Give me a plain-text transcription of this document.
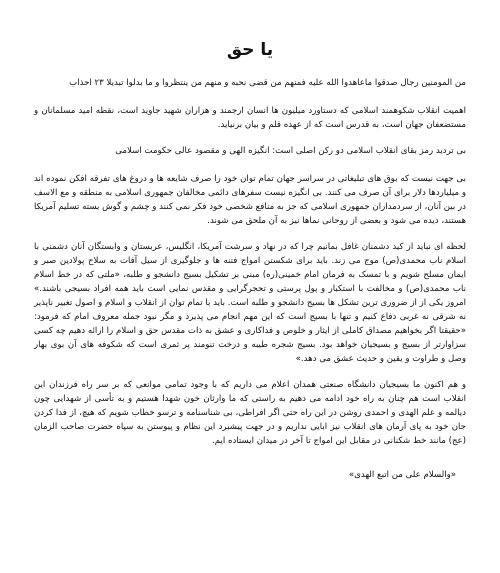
یا حق

من المومنین رجال صدقوا ماعاهدوا الله علیه فمنهم من قضی نحبه و منهم من ینتظروا و ما بدلوا تبدیلا ۲۳ احذاب

اهمیت انقلاب شکوهمند اسلامی که دستاورد میلیون ها انسان ارجمند و هزاران شهید جاوید است، نقطه امید مسلمانان و مستضعفان جهان است، به قدرس است که از عهده قلم و بیان برنیاید.

بی تردید رمز بقای انقلاب اسلامی دو رکن اصلی است: انگیزه الهی و مقصود عالی حکومت اسلامی

بی جهت نیست که بوق های تبلیغاتی در سراسر جهان تمام توان خود را صرف شایعه ها و دروغ های تفرقه افکن نموده اند و میلیاردها دلار برای آن صرف می کنند. بی انگیزه نیست سفرهای دائمی مخالفان جمهوری اسلامی به منطقه و مع الاسف در بین آنان، از سردمداران جمهوری اسلامی که جز به منافع شخصی خود فکر نمی کنند و چشم و گوش بسته تسلیم آمریکا هستند، دیده می شود و بعضی از روحانی نماها نیز به آن ملحق می شوند.

لحظه ای نباید از کید دشمنان غافل بمانیم چرا که در نهاد و سرشت آمریکا، انگلیس، عربستان و وابستگان آنان دشمنی با اسلام ناب محمدی(ص) موج می زند. باید برای شکستن امواج فتنه ها و جلوگیری از سیل آفات به سلاح پولادین صبر و ایمان مسلح شویم و با تمسک به فرمان امام خمینی(ره) مبنی بر تشکیل بسیج دانشجو و طلبه، «ملتی که در خط اسلام ناب محمدی(ص) و مخالفت با استکبار و پول پرستی و تحجرگرایی و مقدس نمایی است باید همه افراد بسیجی باشند.» امروز یکی از از ضروری ترین تشکل ها بسیج دانشجو و طلبه است. باید با تمام توان از انقلاب و اسلام و اصول تغییر ناپذیر نه شرقی نه غربی دفاع کنیم و تنها با بسیج است که این مهم انجام می پذیرد و مگر نبود جمله معروف امام که فرمود: «حقیقتا اگر بخواهیم مصداق کاملی از ایثار و خلوص و فداکاری و عشق به ذات مقدس حق و اسلام را ارائه دهیم چه کسی سزاوارتر از بسیج و بسیجیان خواهد بود. بسیج شجره طیبه و درخت تنومند پر ثمری است که شکوفه های آن بوی بهار وصل و طراوت و یقین و حدیث عشق می دهد.»

و هم اکنون ما بسیجیان دانشگاه صنعتی همدان اعلام می داریم که با وجود تمامی موانعی که بر سر راه فرزندان این انقلاب است هم چنان به راه خود ادامه می دهیم به راستی که ما وارثان خون شهدا هستیم و به تأسی از شهدایی چون دیالمه و علم الهدی و احمدی روشن در این راه حتی اگر افراطی، بی شناسنامه و ترسو خطاب شویم که هیچ، از فدا کردن جان خود به پای آرمان های انقلاب نیز ابایی نداریم و در جهت پیشبرد این نظام و پیوستن به سپاه حضرت صاحب الزمان (عج) مانند خط شکنانی در مقابل این امواج تا آخر در میدان ایستاده ایم.

«والسلام علی من اتبع الهدی»
